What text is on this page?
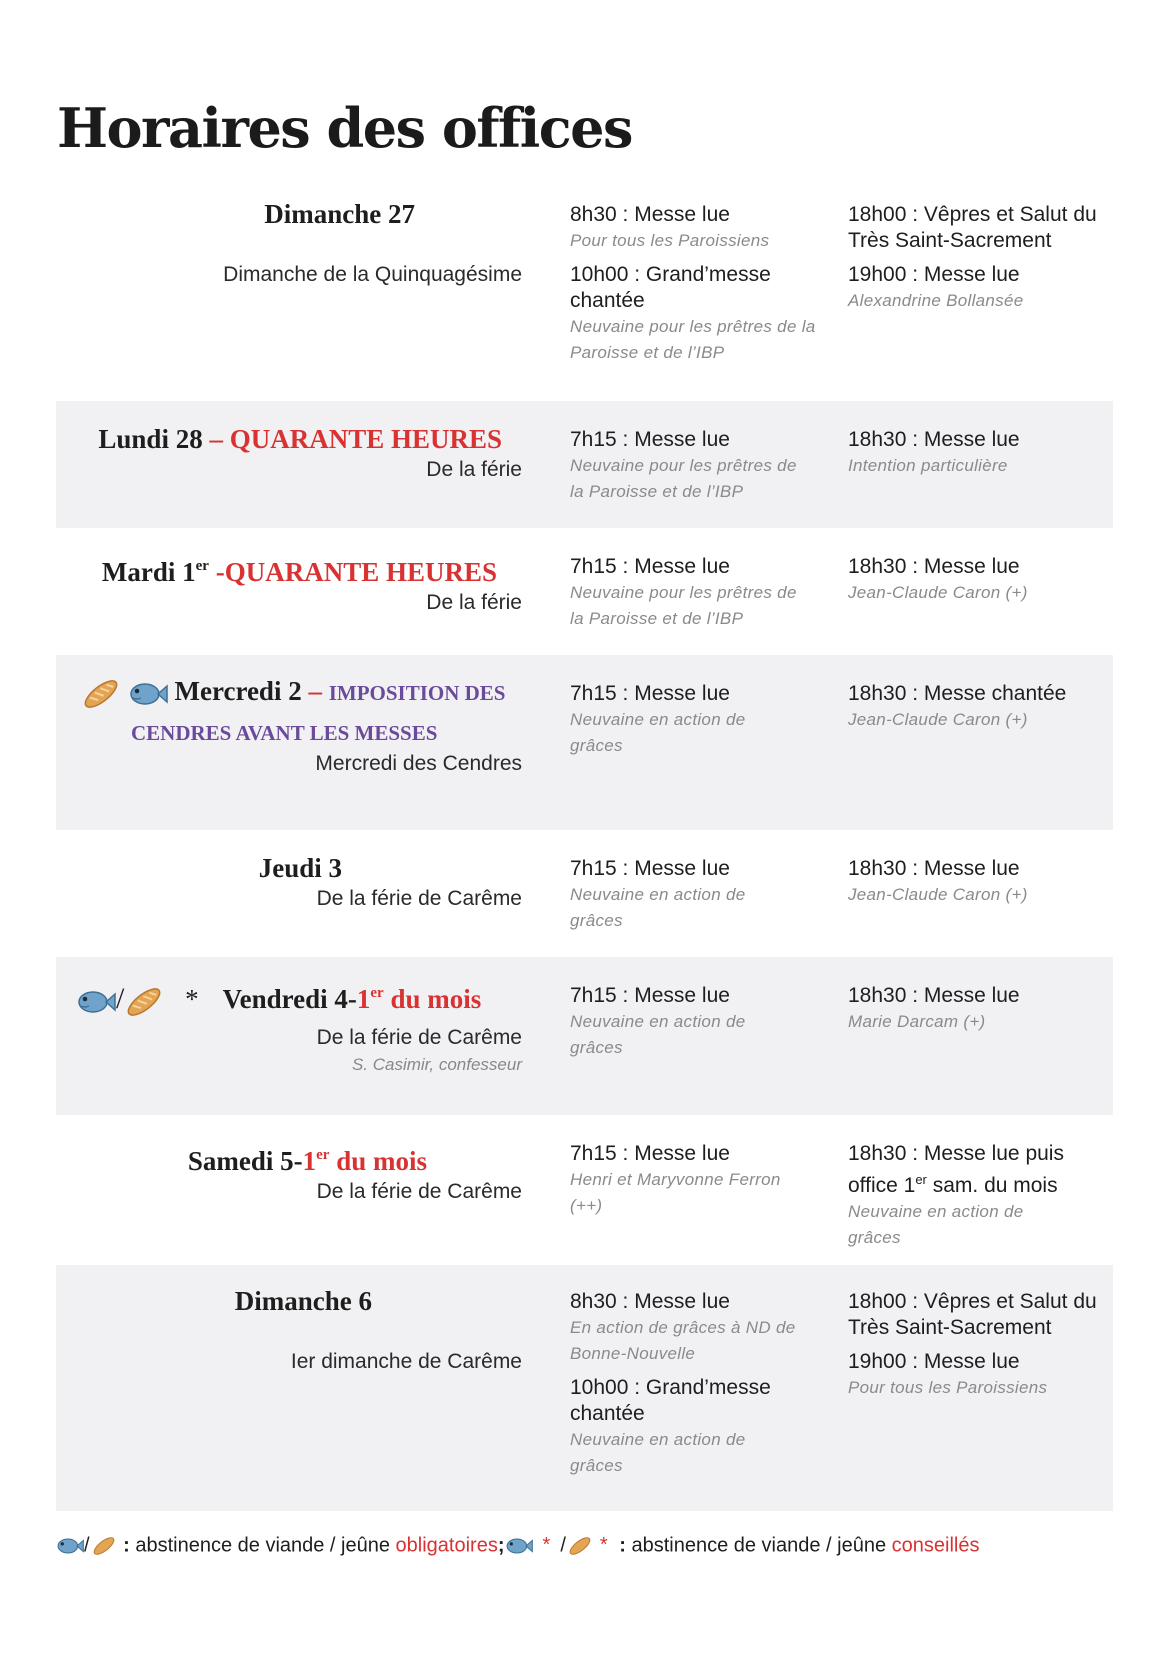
Horaires des offices
Dimanche 27
Dimanche de la Quinquagésime
8h30 : Messe lue
Pour tous les Paroissiens
10h00 : Grand’messe chantée
Neuvaine pour les prêtres de la Paroisse et de l’IBP
18h00 : Vêpres et Salut du Très Saint-Sacrement
19h00 : Messe lue
Alexandrine Bollansée
Lundi 28 – QUARANTE HEURES
De la férie
7h15 : Messe lue
Neuvaine pour les prêtres de la Paroisse et de l’IBP
18h30 : Messe lue
Intention particulière
Mardi 1er -QUARANTE HEURES
De la férie
7h15 : Messe lue
Neuvaine pour les prêtres de la Paroisse et de l’IBP
18h30 : Messe lue
Jean-Claude Caron (+)

Mercredi 2 – IMPOSITION DES
CENDRES AVANT LES MESSES
Mercredi des Cendres
7h15 : Messe lue
Neuvaine en action de grâces
18h30 : Messe chantée
Jean-Claude Caron (+)
Jeudi 3
De la férie de Carême
7h15 : Messe lue
Neuvaine en action de grâces
18h30 : Messe lue
Jean-Claude Caron (+)
/ * Vendredi 4-1er du mois
De la férie de Carême
S. Casimir, confesseur
7h15 : Messe lue
Neuvaine en action de grâces
18h30 : Messe lue
Marie Darcam (+)
Samedi 5-1er du mois
De la férie de Carême
7h15 : Messe lue
Henri et Maryvonne Ferron (++)
18h30 : Messe lue puis office 1er sam. du mois
Neuvaine en action de grâces
Dimanche 6
Ier dimanche de Carême
8h30 : Messe lue
En action de grâces à ND de Bonne-Nouvelle
10h00 : Grand’messe chantée
Neuvaine en action de grâces
18h00 : Vêpres et Salut du Très Saint-Sacrement
19h00 : Messe lue
Pour tous les Paroissiens
/
: abstinence de viande / jeûne obligatoires; * / * : abstinence de viande / jeûne conseillés
